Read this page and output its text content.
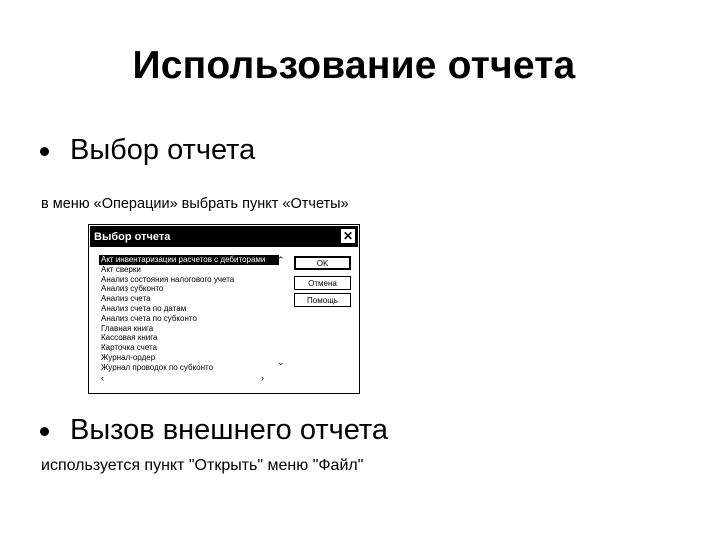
Использование отчета
Выбор отчета
в меню «Операции» выбрать пункт «Отчеты»
Выбор отчета	✕
Акт инвентаризации расчетов с дебиторами
Акт сверки
Анализ состояния налогового учета
Анализ субконто
Анализ счета
Анализ счета по датам
Анализ счета по субконто
Главная книга
Кассовая книга
Карточка счета
Журнал-ордер
Журнал проводок по субконто
⌃
⌄
‹	›
OK
Отмена
Помощь
Вызов внешнего отчета
используется пункт "Открыть" меню "Файл"
